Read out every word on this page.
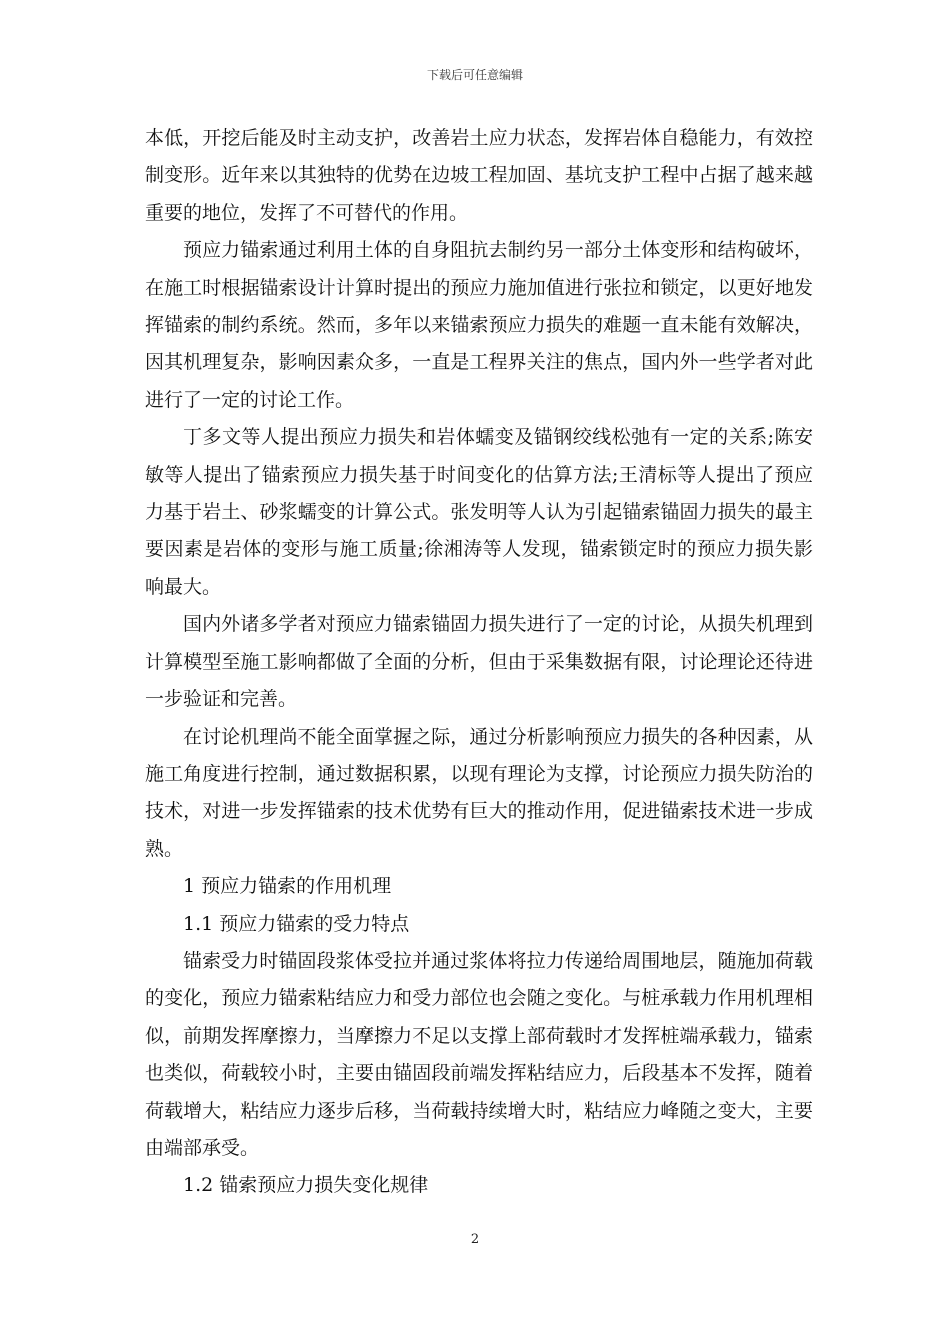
下载后可任意编辑

本低，开挖后能及时主动支护，改善岩土应力状态，发挥岩体自稳能力，有效控制变形。近年来以其独特的优势在边坡工程加固、基坑支护工程中占据了越来越重要的地位，发挥了不可替代的作用。

预应力锚索通过利用土体的自身阻抗去制约另一部分土体变形和结构破坏，在施工时根据锚索设计计算时提出的预应力施加值进行张拉和锁定，以更好地发挥锚索的制约系统。然而，多年以来锚索预应力损失的难题一直未能有效解决，因其机理复杂，影响因素众多，一直是工程界关注的焦点，国内外一些学者对此进行了一定的讨论工作。

丁多文等人提出预应力损失和岩体蠕变及锚钢绞线松弛有一定的关系;陈安敏等人提出了锚索预应力损失基于时间变化的估算方法;王清标等人提出了预应力基于岩土、砂浆蠕变的计算公式。张发明等人认为引起锚索锚固力损失的最主要因素是岩体的变形与施工质量;徐湘涛等人发现，锚索锁定时的预应力损失影响最大。

国内外诸多学者对预应力锚索锚固力损失进行了一定的讨论，从损失机理到计算模型至施工影响都做了全面的分析，但由于采集数据有限，讨论理论还待进一步验证和完善。

在讨论机理尚不能全面掌握之际，通过分析影响预应力损失的各种因素，从施工角度进行控制，通过数据积累，以现有理论为支撑，讨论预应力损失防治的技术，对进一步发挥锚索的技术优势有巨大的推动作用，促进锚索技术进一步成熟。

1 预应力锚索的作用机理

1.1 预应力锚索的受力特点

锚索受力时锚固段浆体受拉并通过浆体将拉力传递给周围地层，随施加荷载的变化，预应力锚索粘结应力和受力部位也会随之变化。与桩承载力作用机理相似，前期发挥摩擦力，当摩擦力不足以支撑上部荷载时才发挥桩端承载力，锚索也类似，荷载较小时，主要由锚固段前端发挥粘结应力，后段基本不发挥，随着荷载增大，粘结应力逐步后移，当荷载持续增大时，粘结应力峰随之变大，主要由端部承受。

1.2 锚索预应力损失变化规律

2
